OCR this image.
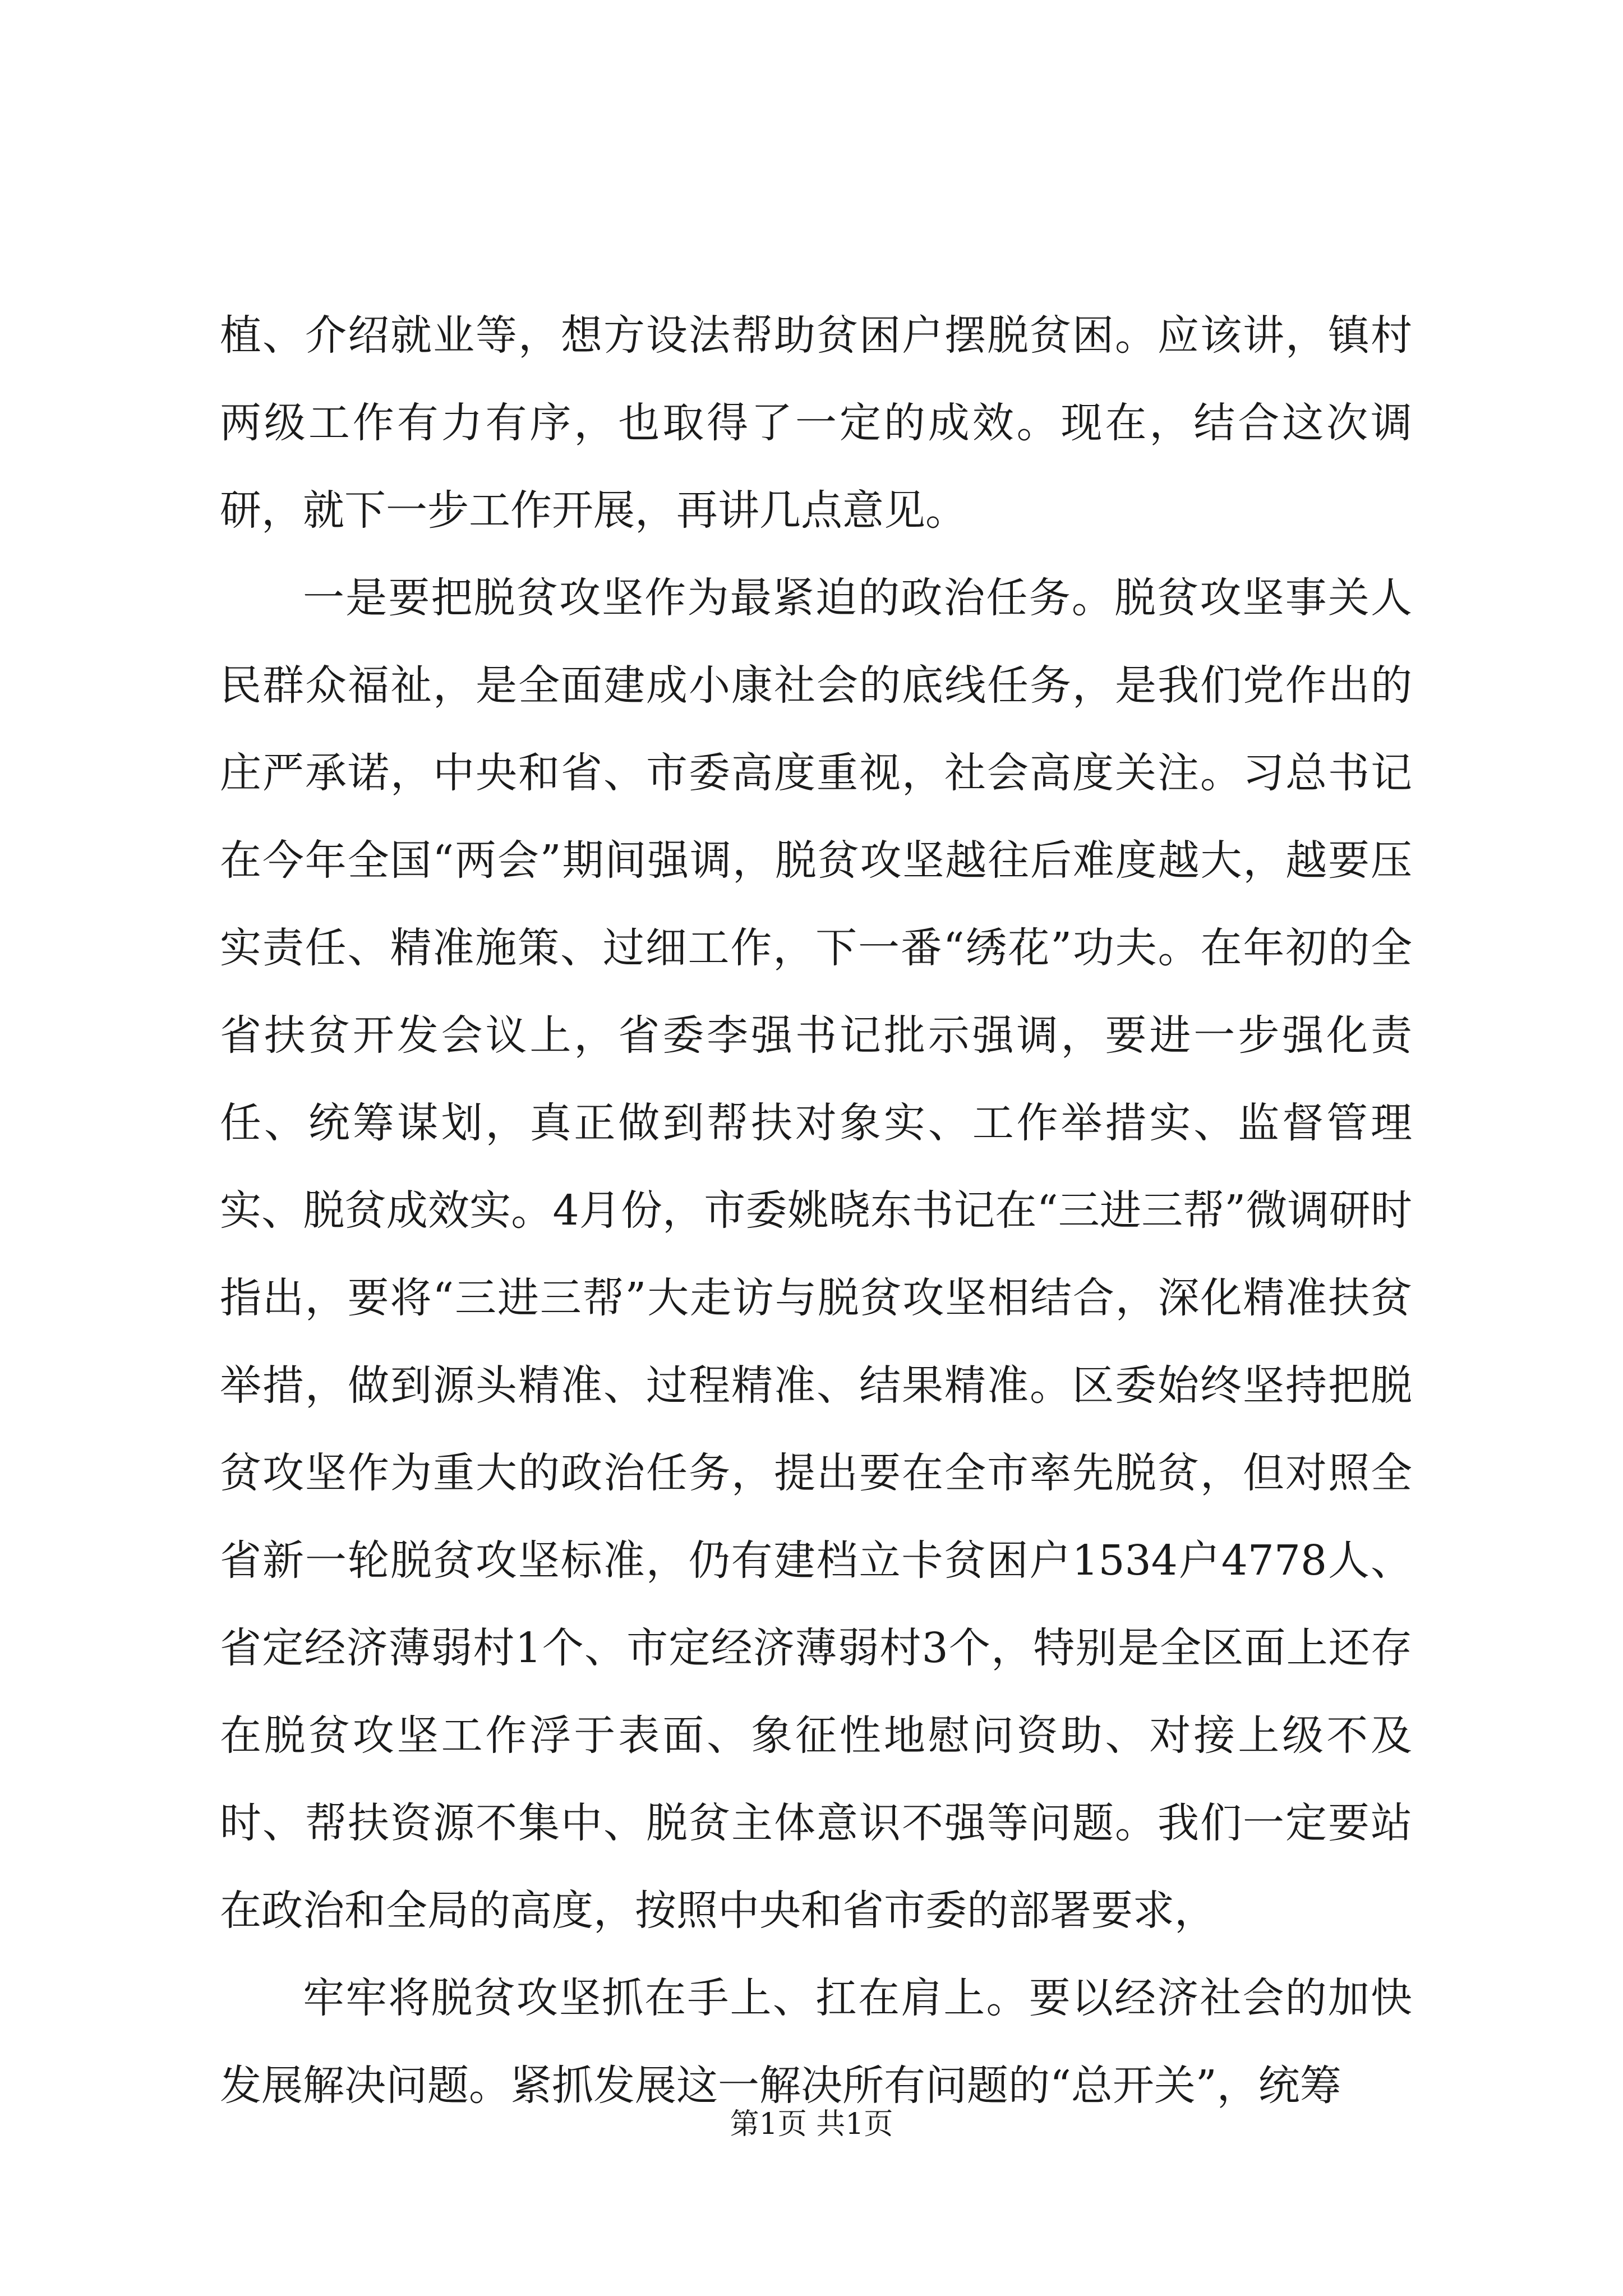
植、介绍就业等，想方设法帮助贫困户摆脱贫困。应该讲，镇村两级工作有力有序，也取得了一定的成效。现在，结合这次调研，就下一步工作开展，再讲几点意见。

一是要把脱贫攻坚作为最紧迫的政治任务。脱贫攻坚事关人民群众福祉，是全面建成小康社会的底线任务，是我们党作出的庄严承诺，中央和省、市委高度重视，社会高度关注。习总书记在今年全国“两会”期间强调，脱贫攻坚越往后难度越大，越要压实责任、精准施策、过细工作，下一番“绣花”功夫。在年初的全省扶贫开发会议上，省委李强书记批示强调，要进一步强化责任、统筹谋划，真正做到帮扶对象实、工作举措实、监督管理实、脱贫成效实。4月份，市委姚晓东书记在“三进三帮”微调研时指出，要将“三进三帮”大走访与脱贫攻坚相结合，深化精准扶贫举措，做到源头精准、过程精准、结果精准。区委始终坚持把脱贫攻坚作为重大的政治任务，提出要在全市率先脱贫，但对照全省新一轮脱贫攻坚标准，仍有建档立卡贫困户1534户4778人、省定经济薄弱村1个、市定经济薄弱村3个，特别是全区面上还存在脱贫攻坚工作浮于表面、象征性地慰问资助、对接上级不及时、帮扶资源不集中、脱贫主体意识不强等问题。我们一定要站在政治和全局的高度，按照中央和省市委的部署要求，

牢牢将脱贫攻坚抓在手上、扛在肩上。要以经济社会的加快发展解决问题。紧抓发展这一解决所有问题的“总开关”，统筹

第1页 共1页
